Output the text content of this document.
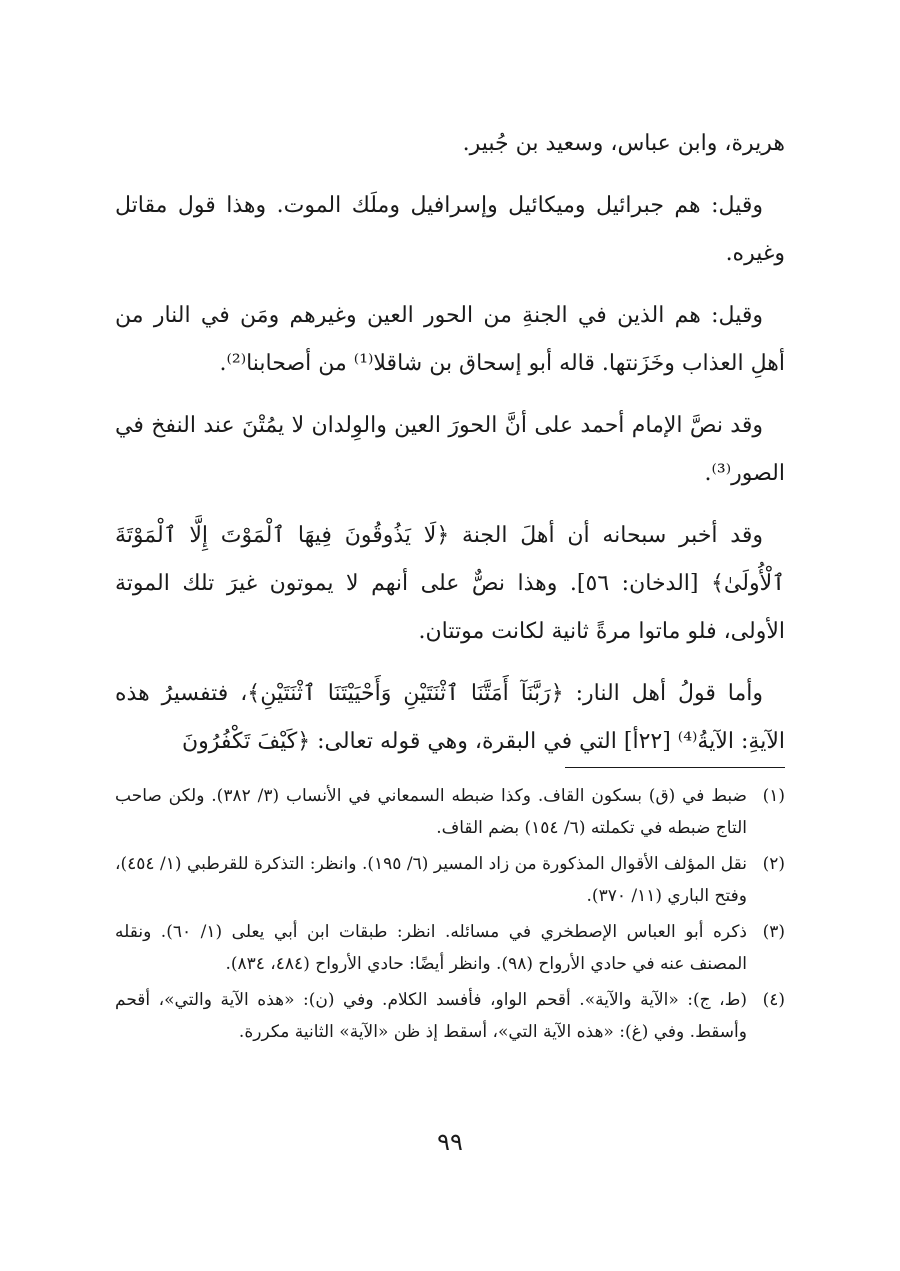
هريرة، وابن عباس، وسعيد بن جُبير.

وقيل: هم جبرائيل وميكائيل وإسرافيل وملَك الموت. وهذا قول مقاتل وغيره.

وقيل: هم الذين في الجنةِ من الحور العين وغيرهم ومَن في النار من أهلِ العذاب وخَزَنتها. قاله أبو إسحاق بن شاقلا⁽¹⁾ من أصحابنا⁽²⁾.

وقد نصَّ الإمام أحمد على أنَّ الحورَ العين والوِلدان لا يمُتْنَ عند النفخ في الصور⁽³⁾.

وقد أخبر سبحانه أن أهلَ الجنة ﴿لَا يَذُوقُونَ فِيهَا ٱلْمَوْتَ إِلَّا ٱلْمَوْتَةَ ٱلْأُولَىٰ﴾ [الدخان: ٥٦]. وهذا نصٌّ على أنهم لا يموتون غيرَ تلك الموتة الأولى، فلو ماتوا مرةً ثانية لكانت موتتان.

وأما قولُ أهل النار: ﴿رَبَّنَآ أَمَتَّنَا ٱثْنَتَيْنِ وَأَحْيَيْتَنَا ٱثْنَتَيْنِ﴾، فتفسيرُ هذه الآيةِ: الآيةُ⁽⁴⁾ [٢٢أ] التي في البقرة، وهي قوله تعالى: ﴿كَيْفَ تَكْفُرُونَ

(١)
ضبط في (ق) بسكون القاف. وكذا ضبطه السمعاني في الأنساب (٣/ ٣٨٢). ولكن صاحب التاج ضبطه في تكملته (٦/ ١٥٤) بضم القاف.
(٢)
نقل المؤلف الأقوال المذكورة من زاد المسير (٦/ ١٩٥). وانظر: التذكرة للقرطبي (١/ ٤٥٤)، وفتح الباري (١١/ ٣٧٠).
(٣)
ذكره أبو العباس الإصطخري في مسائله. انظر: طبقات ابن أبي يعلى (١/ ٦٠). ونقله المصنف عنه في حادي الأرواح (٩٨). وانظر أيضًا: حادي الأرواح (٤٨٤، ٨٣٤).
(٤)
(ط، ج): «الآية والآية». أقحم الواو، فأفسد الكلام. وفي (ن): «هذه الآية والتي»، أقحم وأسقط. وفي (غ): «هذه الآية التي»، أسقط إذ ظن «الآية» الثانية مكررة.
٩٩
